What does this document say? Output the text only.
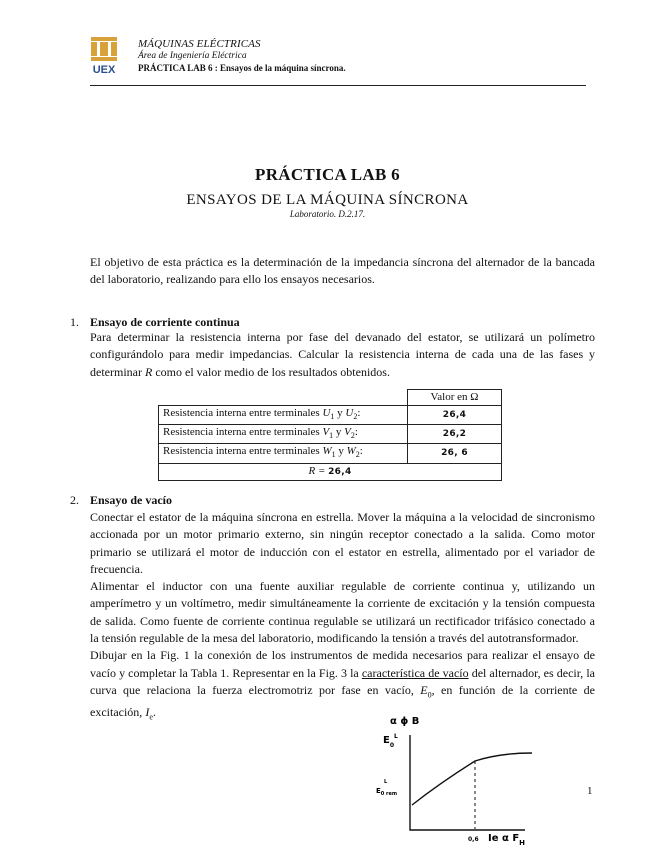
UEX
MÁQUINAS ELÉCTRICAS
Área de Ingeniería Eléctrica
PRÁCTICA LAB 6 : Ensayos de la máquina síncrona.
PRÁCTICA LAB 6
ENSAYOS DE LA MÁQUINA SÍNCRONA
Laboratorio. D.2.17.

El objetivo de esta práctica es la determinación de la impedancia síncrona del alternador de la bancada del laboratorio, realizando para ello los ensayos necesarios.

1. Ensayo de corriente continua

Para determinar la resistencia interna por fase del devanado del estator, se utilizará un polímetro configurándolo para medir impedancias. Calcular la resistencia interna de cada una de las fases y determinar R como el valor medio de los resultados obtenidos.

	Valor en Ω
Resistencia interna entre terminales $U_1$ y $U_2$:	26,4
Resistencia interna entre terminales $V_1$ y $V_2$:	26,2
Resistencia interna entre terminales $W_1$ y $W_2$:	26, 6
R = 26,4	
2. Ensayo de vacío

Conectar el estator de la máquina síncrona en estrella. Mover la máquina a la velocidad de sincronismo accionada por un motor primario externo, sin ningún receptor conectado a la salida. Como motor primario se utilizará el motor de inducción con el estator en estrella, alimentado por el variador de frecuencia.

Alimentar el inductor con una fuente auxiliar regulable de corriente continua y, utilizando un amperímetro y un voltímetro, medir simultáneamente la corriente de excitación y la tensión compuesta de salida. Como fuente de corriente continua regulable se utilizará un rectificador trifásico conectado a la tensión regulable de la mesa del laboratorio, modificando la tensión a través del autotransformador.

Dibujar en la Fig. 1 la conexión de los instrumentos de medida necesarios para realizar el ensayo de vacío y completar la Tabla 1. Representar en la Fig. 3 la característica de vacío del alternador, es decir, la curva que relaciona la fuerza electromotriz por fase en vacío, $E_0$, en función de la corriente de excitación, $I_e$.

α ϕ B
$E_0^L$
$E_{0 rem}L$
0,6 Ie α $F_H$
1
